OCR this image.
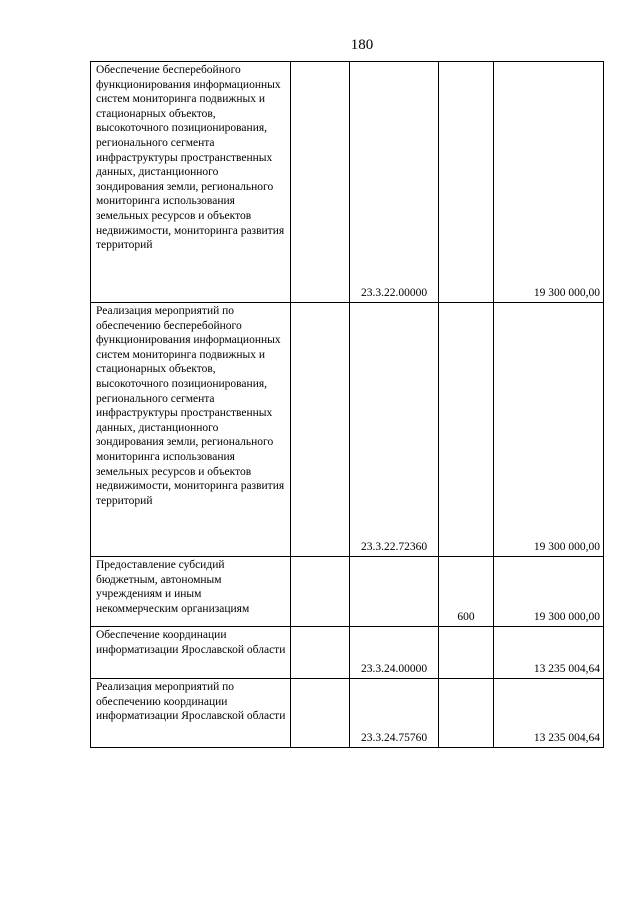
180
Обеспечение бесперебойного функционирования информационных систем мониторинга подвижных и стационарных объектов, высокоточного позиционирования, регионального сегмента инфраструктуры пространственных данных, дистанционного зондирования земли, регионального мониторинга использования земельных ресурсов и объектов недвижимости, мониторинга развития территорий		23.3.22.00000		19 300 000,00

Реализация мероприятий по обеспечению бесперебойного функционирования информационных систем мониторинга подвижных и стационарных объектов, высокоточного позиционирования, регионального сегмента инфраструктуры пространственных данных, дистанционного зондирования земли, регионального мониторинга использования земельных ресурсов и объектов недвижимости, мониторинга развития территорий		23.3.22.72360		19 300 000,00

Предоставление субсидий бюджетным, автономным учреждениям и иным некоммерческим организациям			600	19 300 000,00

Обеспечение координации информатизации Ярославской области		23.3.24.00000		13 235 004,64

Реализация мероприятий по обеспечению координации информатизации Ярославской области		23.3.24.75760		13 235 004,64
